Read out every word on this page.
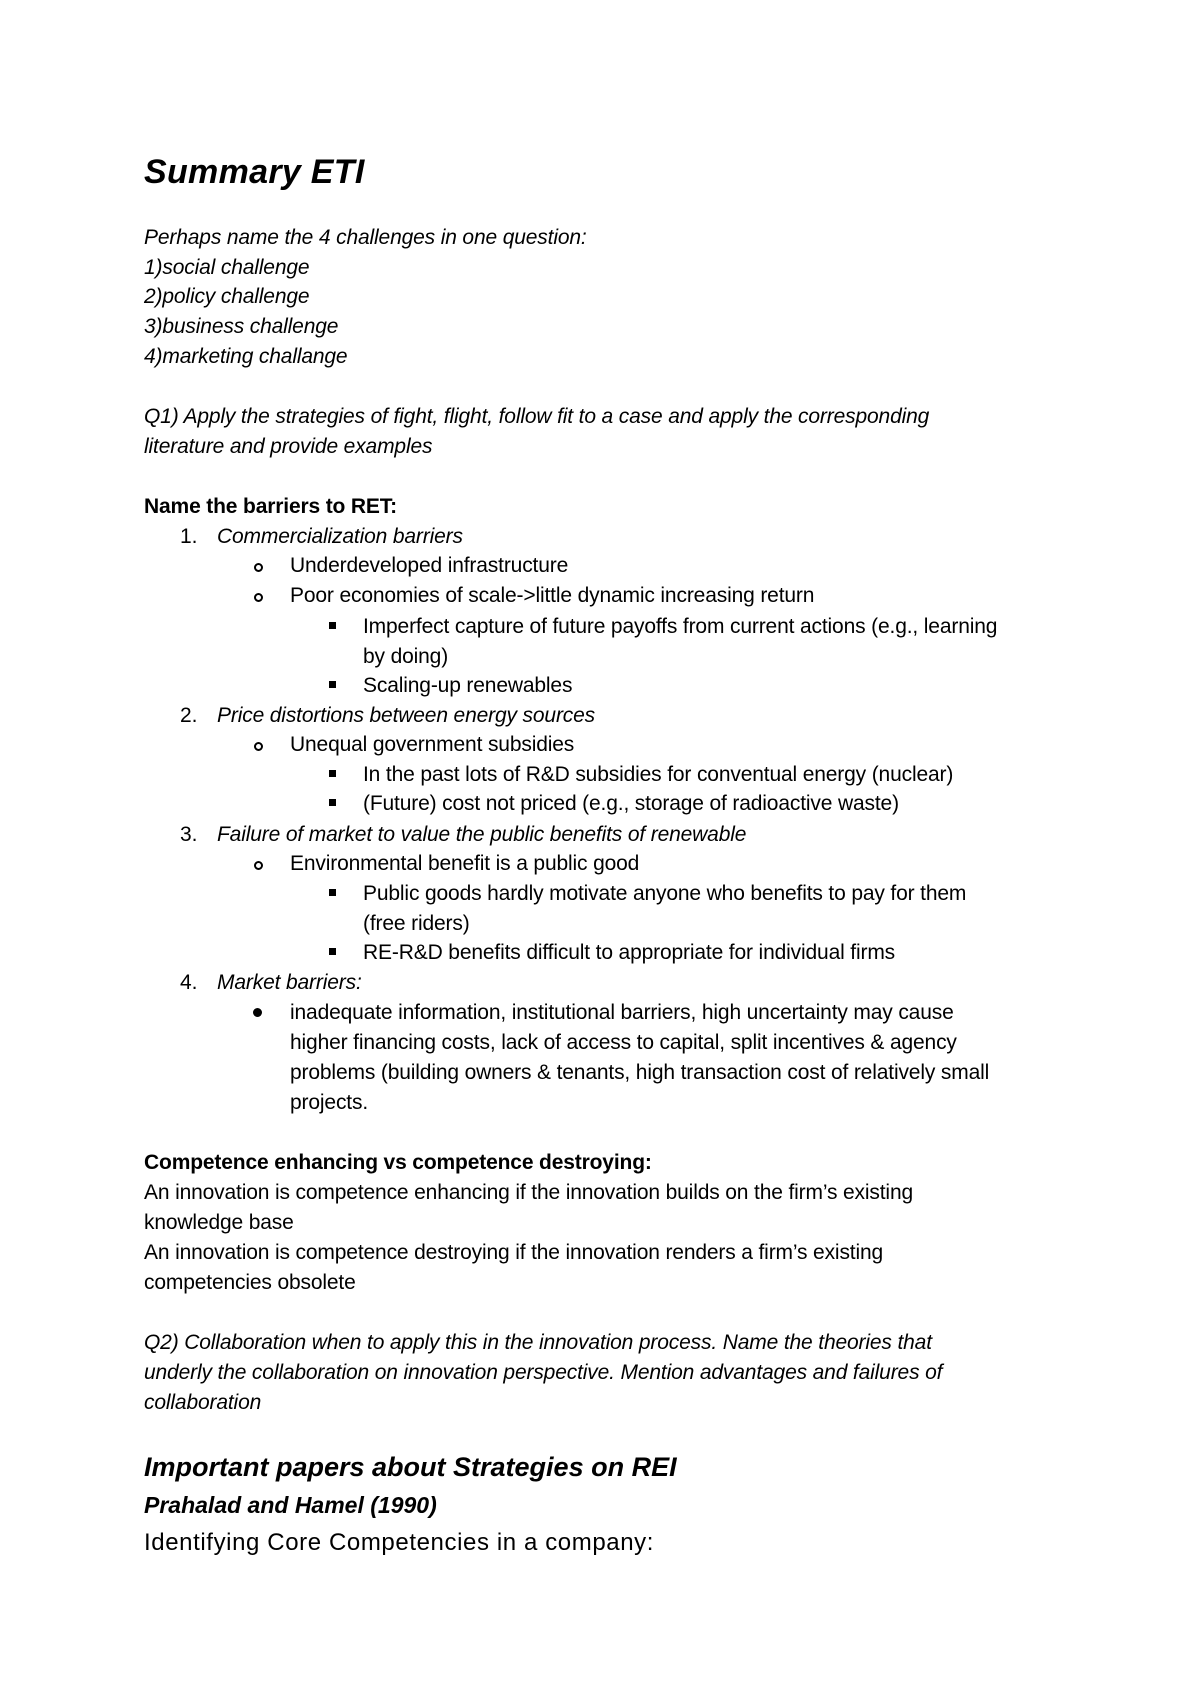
Summary ETI
Perhaps name the 4 challenges in one question:
1)social challenge
2)policy challenge
3)business challenge
4)marketing challange
Q1) Apply the strategies of fight, flight, follow fit to a case and apply the corresponding
literature and provide examples
Name the barriers to RET:
1. Commercialization barriers
Underdeveloped infrastructure
Poor economies of scale->little dynamic increasing return
Imperfect capture of future payoffs from current actions (e.g., learning
by doing)
Scaling-up renewables
2. Price distortions between energy sources
Unequal government subsidies
In the past lots of R&D subsidies for conventual energy (nuclear)
(Future) cost not priced (e.g., storage of radioactive waste)
3. Failure of market to value the public benefits of renewable
Environmental benefit is a public good
Public goods hardly motivate anyone who benefits to pay for them
(free riders)
RE-R&D benefits difficult to appropriate for individual firms
4. Market barriers:
inadequate information, institutional barriers, high uncertainty may cause
higher financing costs, lack of access to capital, split incentives & agency
problems (building owners & tenants, high transaction cost of relatively small
projects.
Competence enhancing vs competence destroying:
An innovation is competence enhancing if the innovation builds on the firm’s existing
knowledge base
An innovation is competence destroying if the innovation renders a firm’s existing
competencies obsolete
Q2) Collaboration when to apply this in the innovation process. Name the theories that
underly the collaboration on innovation perspective. Mention advantages and failures of
collaboration
Important papers about Strategies on REI
Prahalad and Hamel (1990)
Identifying Core Competencies in a company:
